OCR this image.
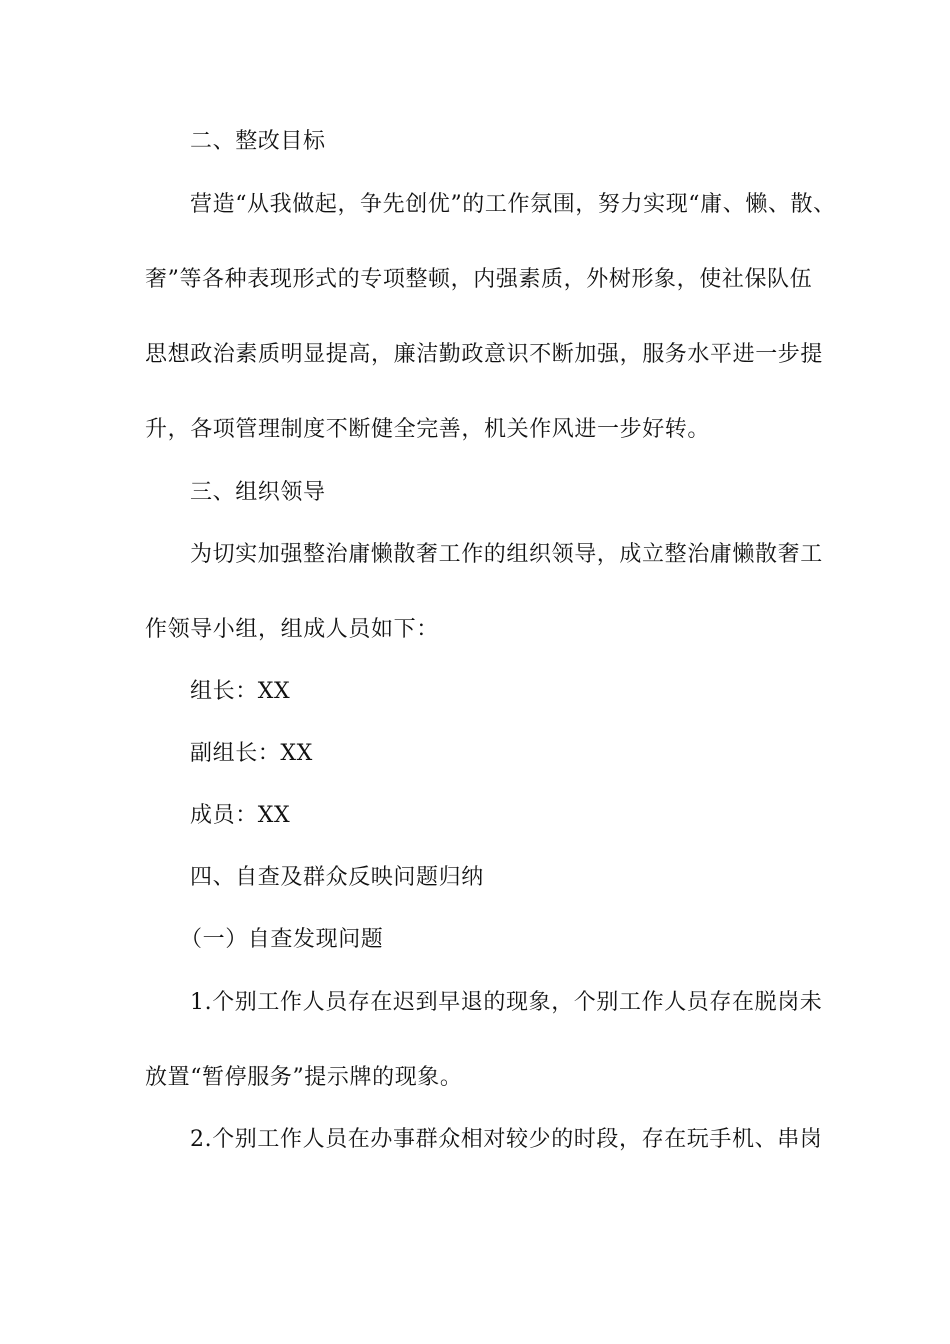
二、整改目标
营造“从我做起，争先创优”的工作氛围，努力实现“庸、懒、散、
奢”等各种表现形式的专项整顿，内强素质，外树形象，使社保队伍
思想政治素质明显提高，廉洁勤政意识不断加强，服务水平进一步提
升，各项管理制度不断健全完善，机关作风进一步好转。
三、组织领导
为切实加强整治庸懒散奢工作的组织领导，成立整治庸懒散奢工
作领导小组，组成人员如下：
组长：XX
副组长：XX
成员：XX
四、自查及群众反映问题归纳
（一）自查发现问题
1.个别工作人员存在迟到早退的现象，个别工作人员存在脱岗未
放置“暂停服务”提示牌的现象。
2.个别工作人员在办事群众相对较少的时段，存在玩手机、串岗
